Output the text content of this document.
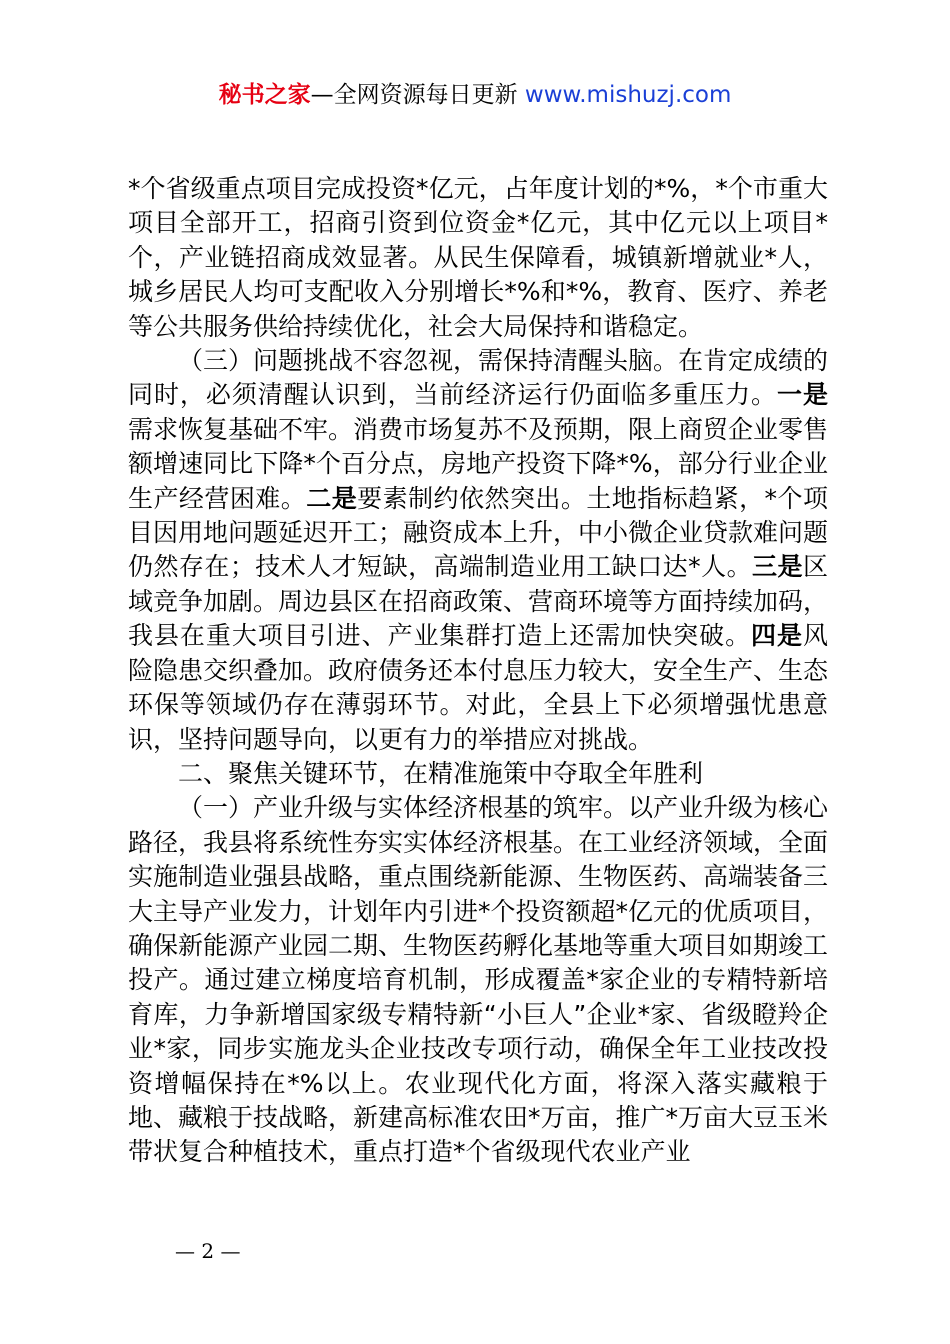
秘书之家—全网资源每日更新 www.mishuzj.com

*个省级重点项目完成投资*亿元，占年度计划的*%，*个市重大项目全部开工，招商引资到位资金*亿元，其中亿元以上项目*个，产业链招商成效显著。从民生保障看，城镇新增就业*人，城乡居民人均可支配收入分别增长*%和*%，教育、医疗、养老等公共服务供给持续优化，社会大局保持和谐稳定。

（三）问题挑战不容忽视，需保持清醒头脑。在肯定成绩的同时，必须清醒认识到，当前经济运行仍面临多重压力。一是需求恢复基础不牢。消费市场复苏不及预期，限上商贸企业零售额增速同比下降*个百分点，房地产投资下降*%，部分行业企业生产经营困难。二是要素制约依然突出。土地指标趋紧，*个项目因用地问题延迟开工；融资成本上升，中小微企业贷款难问题仍然存在；技术人才短缺，高端制造业用工缺口达*人。三是区域竞争加剧。周边县区在招商政策、营商环境等方面持续加码，我县在重大项目引进、产业集群打造上还需加快突破。四是风险隐患交织叠加。政府债务还本付息压力较大，安全生产、生态环保等领域仍存在薄弱环节。对此，全县上下必须增强忧患意识，坚持问题导向，以更有力的举措应对挑战。

二、聚焦关键环节，在精准施策中夺取全年胜利

（一）产业升级与实体经济根基的筑牢。以产业升级为核心路径，我县将系统性夯实实体经济根基。在工业经济领域，全面实施制造业强县战略，重点围绕新能源、生物医药、高端装备三大主导产业发力，计划年内引进*个投资额超*亿元的优质项目，确保新能源产业园二期、生物医药孵化基地等重大项目如期竣工投产。通过建立梯度培育机制，形成覆盖*家企业的专精特新培育库，力争新增国家级专精特新“小巨人”企业*家、省级瞪羚企业*家，同步实施龙头企业技改专项行动，确保全年工业技改投资增幅保持在*%以上。农业现代化方面，将深入落实藏粮于地、藏粮于技战略，新建高标准农田*万亩，推广*万亩大豆玉米带状复合种植技术，重点打造*个省级现代农业产业

— 2 —
